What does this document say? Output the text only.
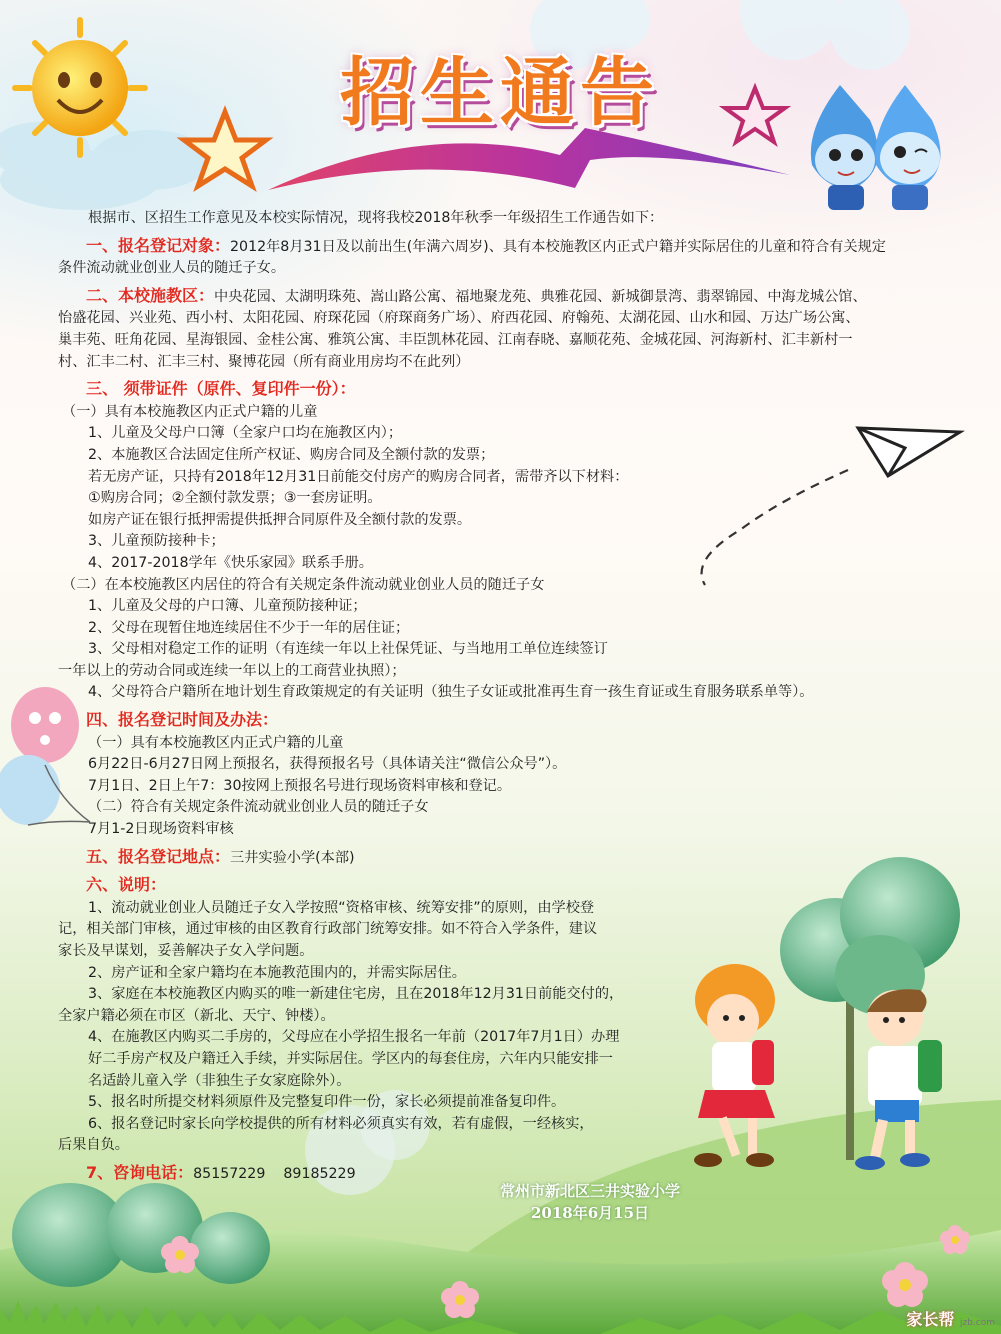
招生通告

根据市、区招生工作意见及本校实际情况，现将我校2018年秋季一年级招生工作通告如下：

一、报名登记对象：2012年8月31日及以前出生(年满六周岁)、具有本校施教区内正式户籍并实际居住的儿童和符合有关规定

条件流动就业创业人员的随迁子女。

二、本校施教区：中央花园、太湖明珠苑、嵩山路公寓、福地聚龙苑、典雅花园、新城御景湾、翡翠锦园、中海龙城公馆、

怡盛花园、兴业苑、西小村、太阳花园、府琛花园（府琛商务广场）、府西花园、府翰苑、太湖花园、山水和园、万达广场公寓、

巢丰苑、旺角花园、星海银园、金桂公寓、雅筑公寓、丰臣凯林花园、江南春晓、嘉顺花苑、金城花园、河海新村、汇丰新村一

村、汇丰二村、汇丰三村、聚博花园（所有商业用房均不在此列）

三、 须带证件（原件、复印件一份）：

（一）具有本校施教区内正式户籍的儿童

1、儿童及父母户口簿（全家户口均在施教区内）；

2、本施教区合法固定住所产权证、购房合同及全额付款的发票；

若无房产证，只持有2018年12月31日前能交付房产的购房合同者，需带齐以下材料：

①购房合同；②全额付款发票；③一套房证明。

如房产证在银行抵押需提供抵押合同原件及全额付款的发票。

3、儿童预防接种卡；

4、2017-2018学年《快乐家园》联系手册。

（二）在本校施教区内居住的符合有关规定条件流动就业创业人员的随迁子女

1、儿童及父母的户口簿、儿童预防接种证；

2、父母在现暂住地连续居住不少于一年的居住证；

3、父母相对稳定工作的证明（有连续一年以上社保凭证、与当地用工单位连续签订

一年以上的劳动合同或连续一年以上的工商营业执照）；

4、父母符合户籍所在地计划生育政策规定的有关证明（独生子女证或批准再生育一孩生育证或生育服务联系单等）。

四、报名登记时间及办法：

（一）具有本校施教区内正式户籍的儿童

6月22日-6月27日网上预报名，获得预报名号（具体请关注“微信公众号”）。

7月1日、2日上午7：30按网上预报名号进行现场资料审核和登记。

（二）符合有关规定条件流动就业创业人员的随迁子女

7月1-2日现场资料审核

五、报名登记地点：三井实验小学(本部)

六、说明：

1、流动就业创业人员随迁子女入学按照“资格审核、统筹安排”的原则，由学校登

记，相关部门审核，通过审核的由区教育行政部门统筹安排。如不符合入学条件，建议

家长及早谋划，妥善解决子女入学问题。

2、房产证和全家户籍均在本施教范围内的，并需实际居住。

3、家庭在本校施教区内购买的唯一新建住宅房，且在2018年12月31日前能交付的，

全家户籍必须在市区（新北、天宁、钟楼）。

4、在施教区内购买二手房的，父母应在小学招生报名一年前（2017年7月1日）办理

好二手房产权及户籍迁入手续，并实际居住。学区内的每套住房，六年内只能安排一

名适龄儿童入学（非独生子女家庭除外）。

5、报名时所提交材料须原件及完整复印件一份，家长必须提前准备复印件。

6、报名登记时家长向学校提供的所有材料必须真实有效，若有虚假，一经核实，

后果自负。

7、咨询电话：85157229    89185229

常州市新北区三井实验小学

2018年6月15日

家长帮 jzb.com
